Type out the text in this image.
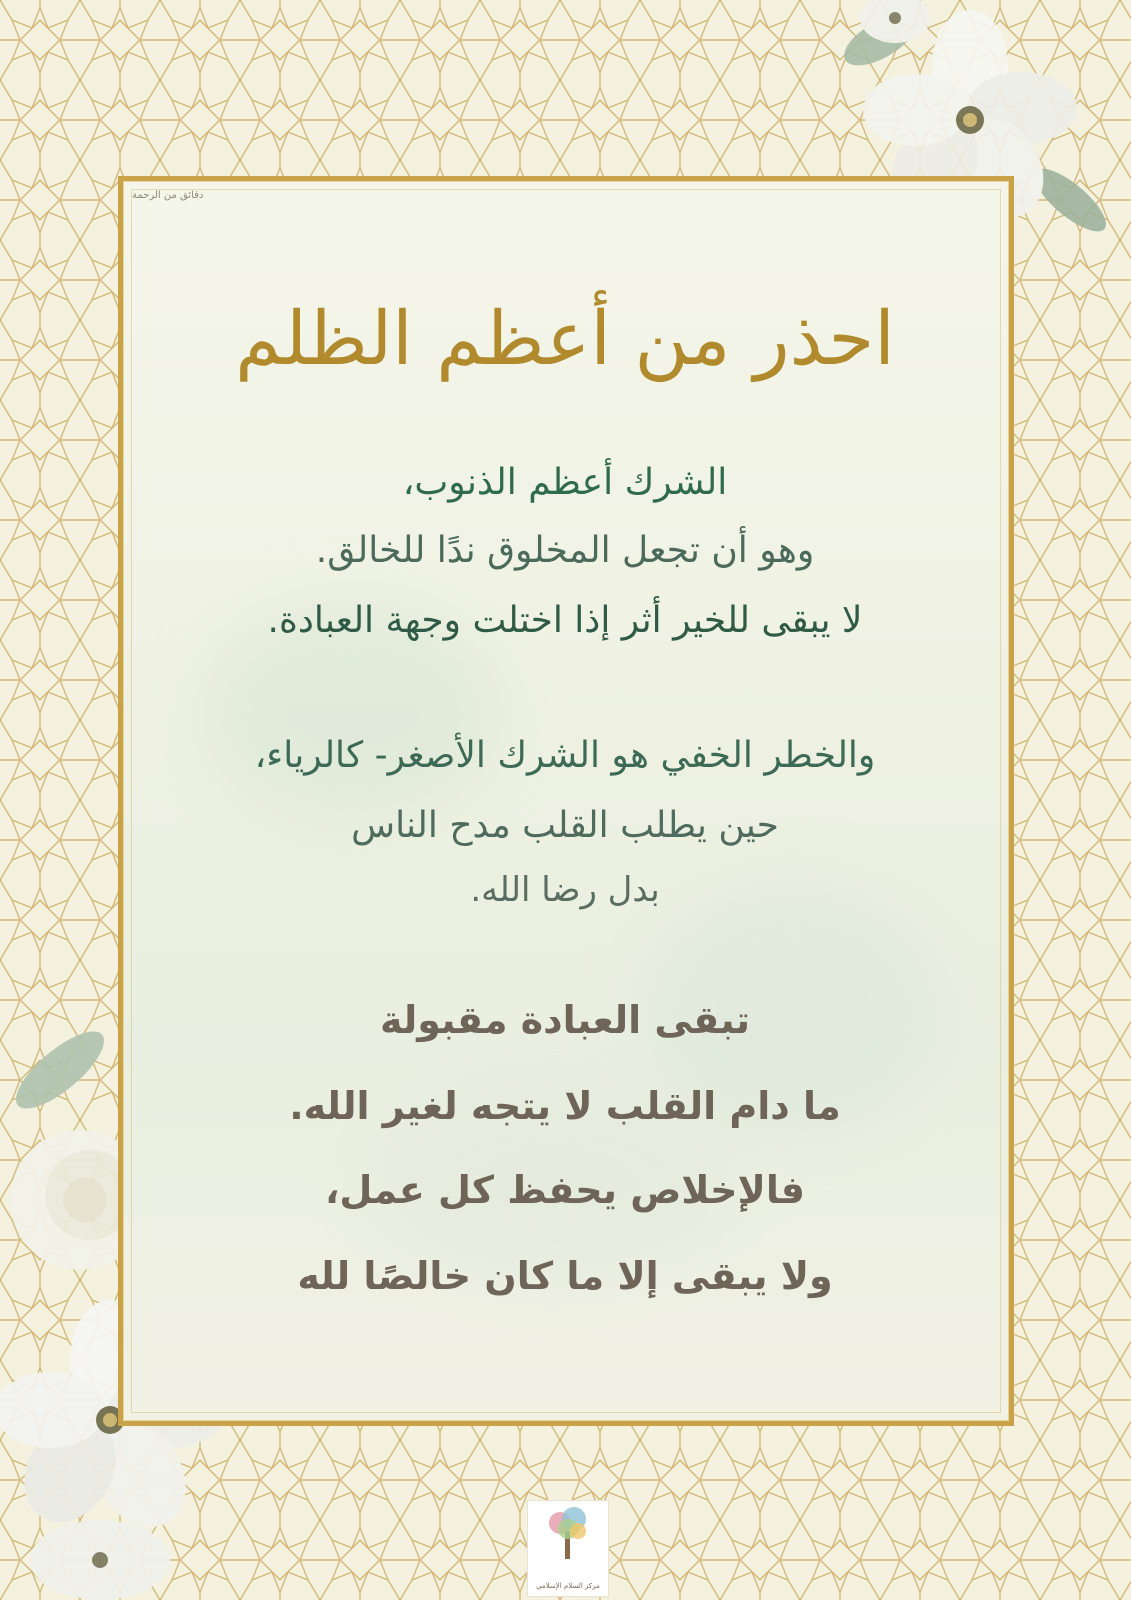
دقائق من الرحمة
احذر من أعظم الظلم
الشرك أعظم الذنوب،
وهو أن تجعل المخلوق ندًا للخالق.
لا يبقى للخير أثر إذا اختلت وجهة العبادة.
والخطر الخفي هو الشرك الأصغر- كالرياء،
حين يطلب القلب مدح الناس
بدل رضا الله.
تبقى العبادة مقبولة
ما دام القلب لا يتجه لغير الله.
فالإخلاص يحفظ كل عمل،
ولا يبقى إلا ما كان خالصًا لله
مركز السلام الإسلامي
